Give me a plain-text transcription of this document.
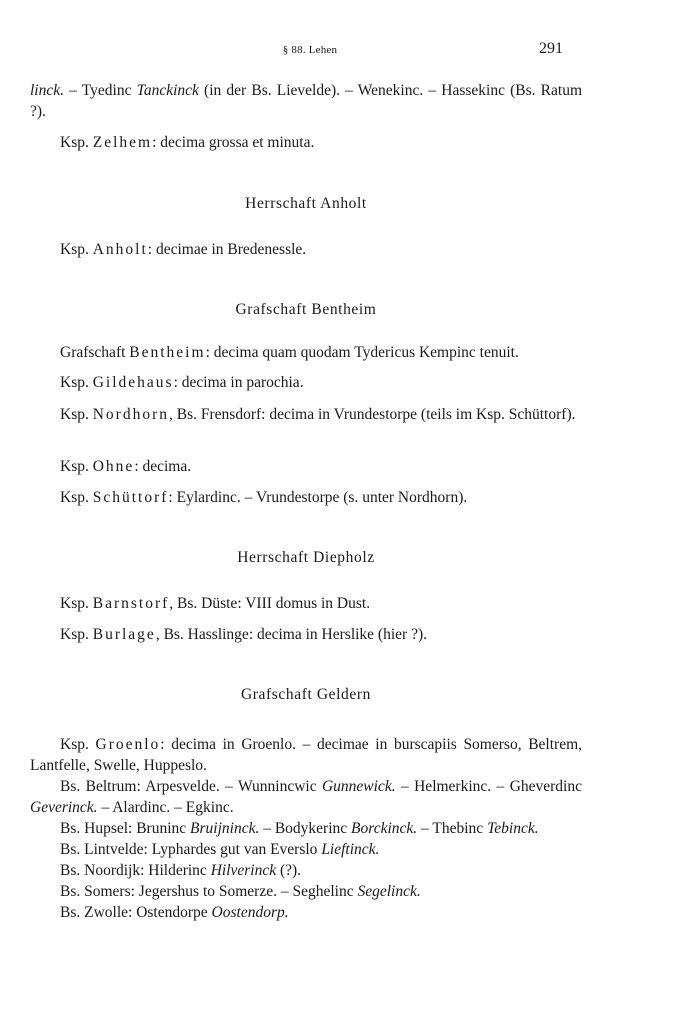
§ 88. Lehen	291

linck. – Tyedinc Tanckinck (in der Bs. Lievelde). – Wenekinc. – Hassekinc (Bs. Ratum ?).

Ksp. Zelhem: decima grossa et minuta.

Herrschaft Anholt

Ksp. Anholt: decimae in Bredenessle.

Grafschaft Bentheim

Grafschaft Bentheim: decima quam quodam Tydericus Kempinc tenuit.

Ksp. Gildehaus: decima in parochia.

Ksp. Nordhorn, Bs. Frensdorf: decima in Vrundestorpe (teils im Ksp. Schüttorf).

Ksp. Ohne: decima.

Ksp. Schüttorf: Eylardinc. – Vrundestorpe (s. unter Nordhorn).

Herrschaft Diepholz

Ksp. Barnstorf, Bs. Düste: VIII domus in Dust.

Ksp. Burlage, Bs. Hasslinge: decima in Herslike (hier ?).

Grafschaft Geldern

Ksp. Groenlo: decima in Groenlo. – decimae in burscapiis Somerso, Beltrem, Lantfelle, Swelle, Huppeslo.

Bs. Beltrum: Arpesvelde. – Wunnincwic Gunnewick. – Helmerkinc. – Gheverdinc Geverinck. – Alardinc. – Egkinc.

Bs. Hupsel: Bruninc Bruijninck. – Bodykerinc Borckinck. – Thebinc Tebinck.

Bs. Lintvelde: Lyphardes gut van Everslo Lieftinck.

Bs. Noordijk: Hilderinc Hilverinck (?).

Bs. Somers: Jegershus to Somerze. – Seghelinc Segelinck.

Bs. Zwolle: Ostendorpe Oostendorp.
